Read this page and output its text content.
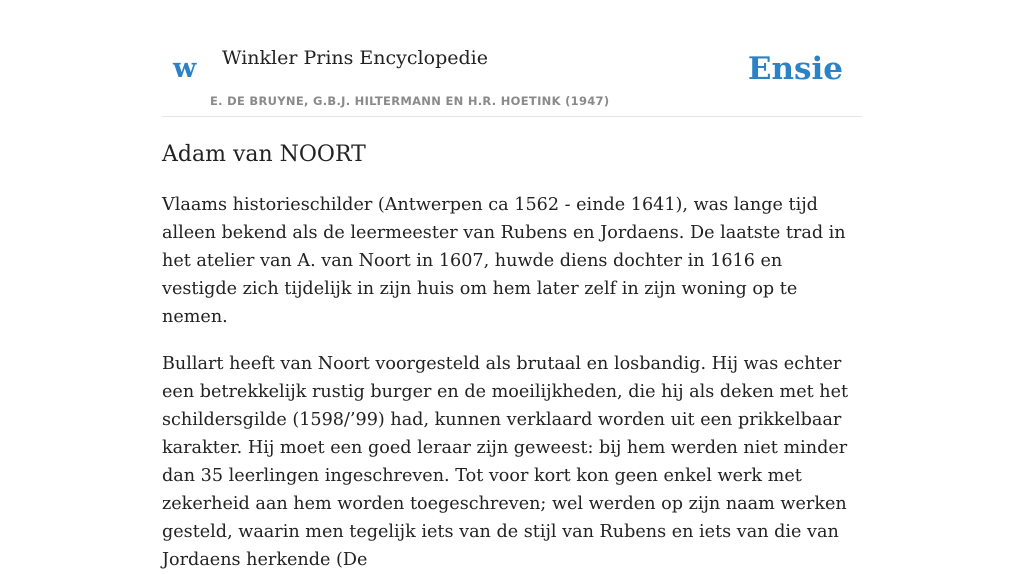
w Winkler Prins Encyclopedie	Ensie
E. DE BRUYNE, G.B.J. HILTERMANN EN H.R. HOETINK (1947)
Adam van NOORT

Vlaams historieschilder (Antwerpen ca 1562 - einde 1641), was lange tijd alleen bekend als de leermeester van Rubens en Jordaens. De laatste trad in het atelier van A. van Noort in 1607, huwde diens dochter in 1616 en vestigde zich tijdelijk in zijn huis om hem later zelf in zijn woning op te nemen.

Bullart heeft van Noort voorgesteld als brutaal en losbandig. Hij was echter een betrekkelijk rustig burger en de moeilijkheden, die hij als deken met het schildersgilde (1598/’99) had, kunnen verklaard worden uit een prikkelbaar karakter. Hij moet een goed leraar zijn geweest: bij hem werden niet minder dan 35 leerlingen ingeschreven. Tot voor kort kon geen enkel werk met zekerheid aan hem worden toegeschreven; wel werden op zijn naam werken gesteld, waarin men tegelijk iets van de stijl van Rubens en iets van die van Jordaens herkende (De
